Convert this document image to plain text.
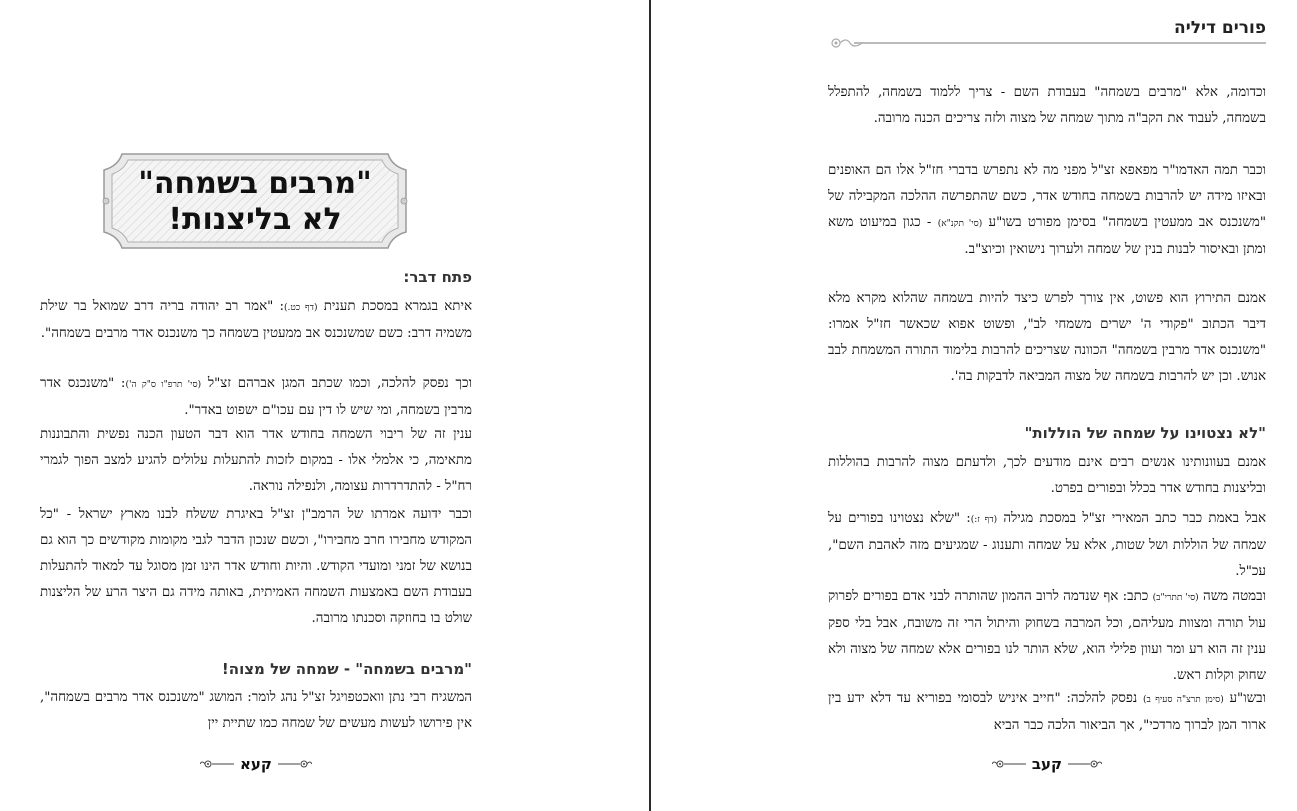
"מרבים בשמחה"
לא בליצנות!
פתח דבר:

איתא בגמרא במסכת תענית (דף כט.): "אמר רב יהודה בריה דרב שמואל בר שילת משמיה דרב: כשם שמשנכנס אב ממעטין בשמחה כך משנכנס אדר מרבים בשמחה".

וכך נפסק להלכה, וכמו שכתב המגן אברהם זצ"ל (סי' תרפ"ו ס"ק ה'): "משנכנס אדר מרבין בשמחה, ומי שיש לו דין עם עכו"ם ישפוט באדר".

ענין זה של ריבוי השמחה בחודש אדר הוא דבר הטעון הכנה נפשית והתבוננות מתאימה, כי אלמלי אלו - במקום לזכות להתעלות עלולים להגיע למצב הפוך לגמרי רח"ל - להתדרדרות עצומה, ולנפילה נוראה.

וכבר ידועה אמרתו של הרמב"ן זצ"ל באיגרת ששלח לבנו מארץ ישראל - "כל המקודש מחבירו חרב מחבירו", וכשם שנכון הדבר לגבי מקומות מקודשים כך הוא גם בנושא של זמני ומועדי הקודש. והיות וחודש אדר הינו זמן מסוגל עד למאוד להתעלות בעבודת השם באמצעות השמחה האמיתית, באותה מידה גם היצר הרע של הליצנות שולט בו בחוזקה וסכנתו מרובה.

"מרבים בשמחה" - שמחה של מצוה!

המשגיח רבי נתן וואכטפויגל זצ"ל נהג לומר: המושג "משנכנס אדר מרבים בשמחה", אין פירושו לעשות מעשים של שמחה כמו שתיית יין

קעא
פורים דיליה

וכדומה, אלא "מרבים בשמחה" בעבודת השם - צריך ללמוד בשמחה, להתפלל בשמחה, לעבוד את הקב"ה מתוך שמחה של מצוה ולזה צריכים הכנה מרובה.

וכבר תמה האדמו"ר מפאפא זצ"ל מפני מה לא נתפרש בדברי חז"ל אלו הם האופנים ובאיזו מידה יש להרבות בשמחה בחודש אדר, כשם שהתפרשה ההלכה המקבילה של "משנכנס אב ממעטין בשמחה" בסימן מפורט בשו"ע (סי' תקנ"א) - כגון במיעוט משא ומתן ובאיסור לבנות בנין של שמחה ולערוך נישואין וכיוצ"ב.

אמנם התירוץ הוא פשוט, אין צורך לפרש כיצד להיות בשמחה שהלוא מקרא מלא דיבר הכתוב "פקודי ה' ישרים משמחי לב", ופשוט אפוא שכאשר חז"ל אמרו: "משנכנס אדר מרבין בשמחה" הכוונה שצריכים להרבות בלימוד התורה המשמחת לבב אנוש. וכן יש להרבות בשמחה של מצוה המביאה לדבקות בה'.

"לא נצטוינו על שמחה של הוללות"

אמנם בעוונותינו אנשים רבים אינם מודעים לכך, ולדעתם מצוה להרבות בהוללות ובליצנות בחודש אדר בכלל ובפורים בפרט.

אבל באמת כבר כתב המאירי זצ"ל במסכת מגילה (דף ז:): "שלא נצטוינו בפורים על שמחה של הוללות ושל שטות, אלא על שמחה ותענוג - שמגיעים מזה לאהבת השם", עכ"ל.

ובמטה משה (סי' תתרי"ב) כתב: אף שנדמה לרוב ההמון שהותרה לבני אדם בפורים לפרוק עול תורה ומצוות מעליהם, וכל המרבה בשחוק והיתול הרי זה משובח, אבל בלי ספק ענין זה הוא רע ומר ועוון פלילי הוא, שלא הותר לנו בפורים אלא שמחה של מצוה ולא שחוק וקלות ראש.

ובשו"ע (סימן תרצ"ה סעיף ב) נפסק להלכה: "חייב איניש לבסומי בפוריא עד דלא ידע בין ארור המן לברוך מרדכי", אך הביאור הלכה כבר הביא

קעב
